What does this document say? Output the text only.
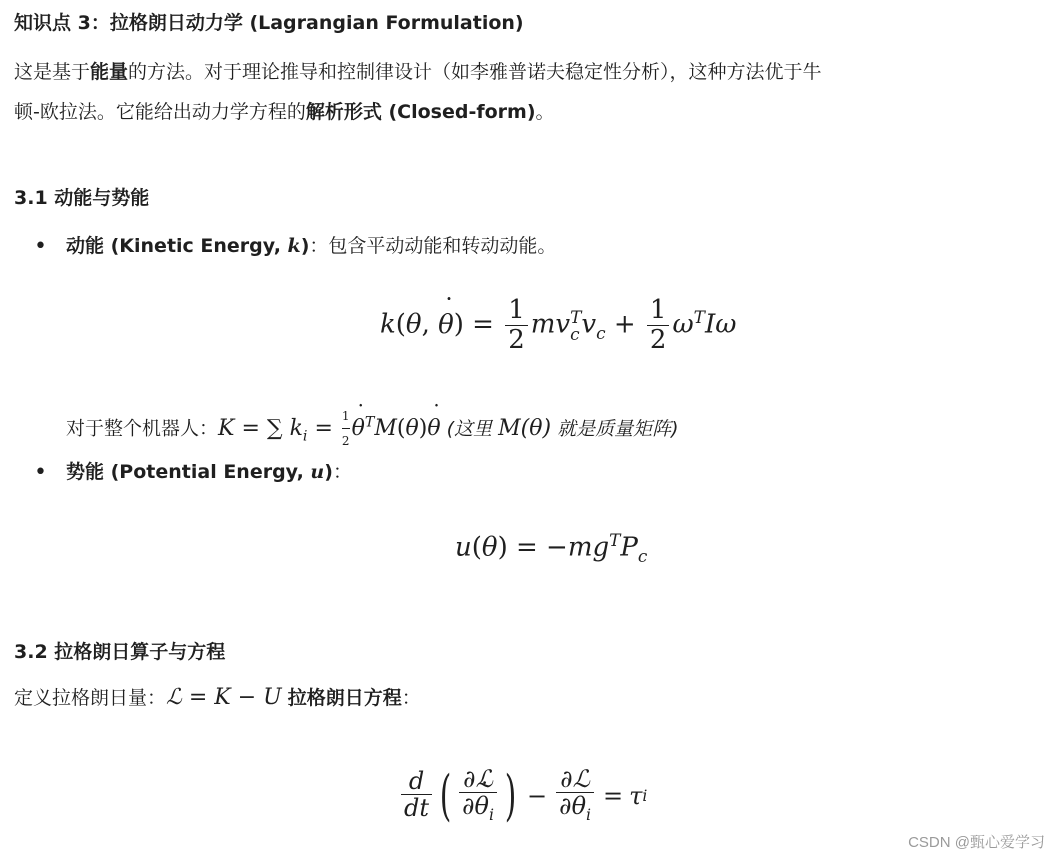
知识点 3：拉格朗日动力学 (Lagrangian Formulation)
这是基于能量的方法。对于理论推导和控制律设计（如李雅普诺夫稳定性分析），这种方法优于牛
顿-欧拉法。它能给出动力学方程的解析形式 (Closed-form)。
3.1 动能与势能
• 动能 (Kinetic Energy, k)：包含平动动能和转动动能。
k(θ, ˙ $\theta) = \frac{1}{2}$ mv T
c $v_c + \frac{1}{2} \omega^TI\omega$
对于整个机器人：K = ∑ $k_i = \frac{1}{2}$
˙ $\theta^TM(\theta)˙$ θ (这里 M(θ) 就是质量矩阵)
• 势能 (Potential Energy, u)：
$u(\theta) = -mg^TP_c$
3.2 拉格朗日算子与方程
定义拉格朗日量：ℒ = K − U 拉格朗日方程：
$\frac{d}{dt}$ ( $\frac{\text{∂ℒ}}{\partial˙ \theta_i}$ ) − $\frac{\text{∂ℒ}}{\partial\theta_i} = \tau$ i
CSDN @甄心爱学习
